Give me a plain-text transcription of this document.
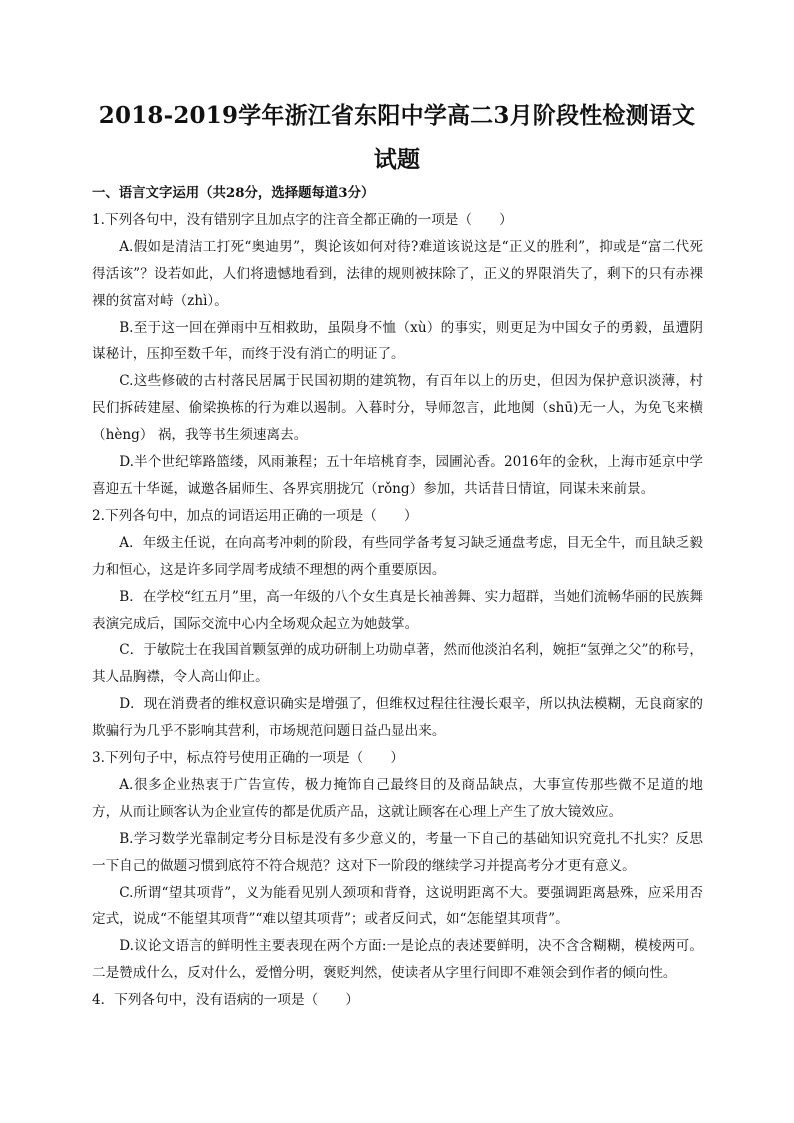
2018-2019学年浙江省东阳中学高二3月阶段性检测语文
试题

一、语言文字运用（共28分，选择题每道3分）

1.下列各句中，没有错别字且加点字的注音全都正确的一项是（　　）

A.假如是清洁工打死“奥迪男”，舆论该如何对待?难道该说这是“正义的胜利”，抑或是“富二代死得活该”？设若如此，人们将遗憾地看到，法律的规则被抹除了，正义的界限消失了，剩下的只有赤裸裸的贫富对峙（zhì）。

B.至于这一回在弹雨中互相救助，虽陨身不恤（xù）的事实，则更足为中国女子的勇毅，虽遭阴谋秘计，压抑至数千年，而终于没有消亡的明证了。

C.这些修破的古村落民居属于民国初期的建筑物，有百年以上的历史，但因为保护意识淡薄，村民们拆砖建屋、偷梁换栋的行为难以遏制。入暮时分，导师忽言，此地阒（shū)无一人，为免飞来横（hèng） 祸，我等书生须速离去。

D.半个世纪筚路篮缕，风雨兼程；五十年培桃育李，园圃沁香。2016年的金秋，上海市延京中学喜迎五十华诞，诚邀各届师生、各界宾朋拢冗（rǒng）参加，共话昔日情谊，同谋未来前景。

2.下列各句中，加点的词语运用正确的一项是（　　）

A．年级主任说，在向高考冲刺的阶段，有些同学备考复习缺乏通盘考虑，目无全牛，而且缺乏毅力和恒心，这是许多同学周考成绩不理想的两个重要原因。

B．在学校“红五月”里，高一年级的八个女生真是长袖善舞、实力超群，当她们流畅华丽的民族舞表演完成后，国际交流中心内全场观众起立为她鼓掌。

C．于敏院士在我国首颗氢弹的成功研制上功勋卓著，然而他淡泊名利，婉拒“氢弹之父”的称号，其人品胸襟，令人高山仰止。

D．现在消费者的维权意识确实是增强了，但维权过程往往漫长艰辛，所以执法模糊，无良商家的欺骗行为几乎不影响其营利，市场规范问题日益凸显出来。

3.下列句子中，标点符号使用正确的一项是（　　）

A.很多企业热衷于广告宣传，极力掩饰自己最终目的及商品缺点，大事宣传那些微不足道的地方，从而让顾客认为企业宣传的都是优质产品，这就让顾客在心理上产生了放大镜效应。

B.学习数学光靠制定考分目标是没有多少意义的，考量一下自己的基础知识究竟扎不扎实？反思一下自己的做题习惯到底符不符合规范？这对下一阶段的继续学习并提高考分才更有意义。

C.所谓“望其项背”，义为能看见别人颈项和背脊，这说明距离不大。要强调距离悬殊，应采用否定式，说成“不能望其项背”“难以望其项背”；或者反问式，如“怎能望其项背”。

D.议论文语言的鲜明性主要表现在两个方面:一是论点的表述要鲜明，决不含含糊糊，模棱两可。二是赞成什么，反对什么，爱憎分明，褒贬判然，使读者从字里行间即不难领会到作者的倾向性。

4．下列各句中，没有语病的一项是（　　）
